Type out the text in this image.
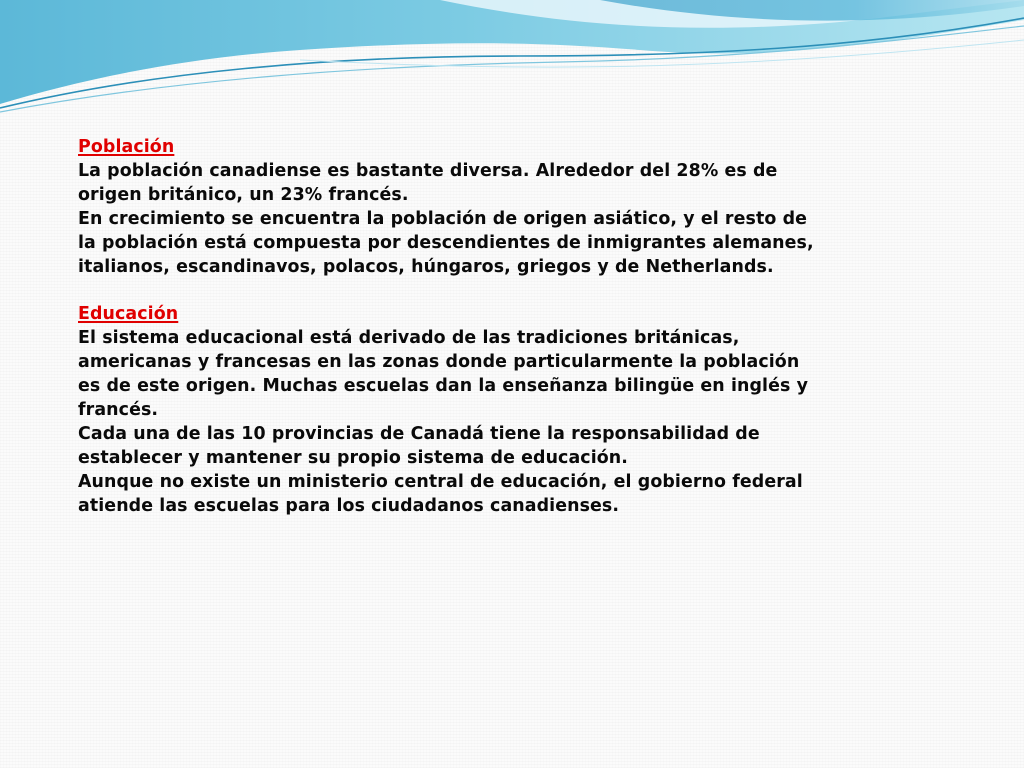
Población

La población canadiense es bastante diversa. Alrededor del 28% es de origen británico, un 23% francés.

En crecimiento se encuentra la población de origen asiático, y el resto de la población está compuesta por descendientes de inmigrantes alemanes, italianos, escandinavos, polacos, húngaros, griegos y de Netherlands.

Educación

El sistema educacional está derivado de las tradiciones británicas, americanas y francesas en las zonas donde particularmente la población es de este origen. Muchas escuelas dan la enseñanza bilingüe en inglés y francés.

Cada una de las 10 provincias de Canadá tiene la responsabilidad de establecer y mantener su propio sistema de educación.

Aunque no existe un ministerio central de educación, el gobierno federal atiende las escuelas para los ciudadanos canadienses.
